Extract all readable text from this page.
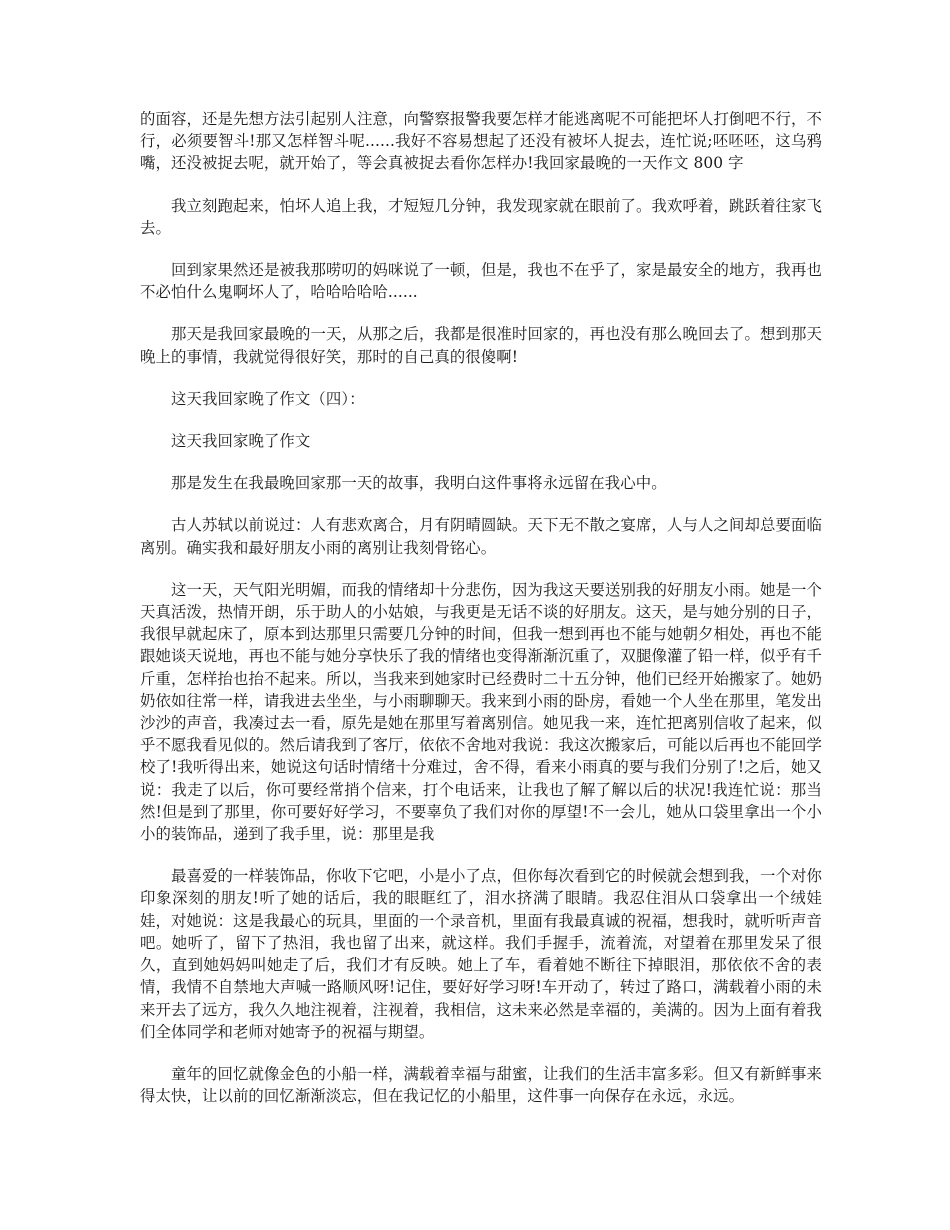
的面容，还是先想方法引起别人注意，向警察报警我要怎样才能逃离呢不可能把坏人打倒吧不行，不行，必须要智斗!那又怎样智斗呢......我好不容易想起了还没有被坏人捉去，连忙说;呸呸呸，这乌鸦嘴，还没被捉去呢，就开始了，等会真被捉去看你怎样办!我回家最晚的一天作文 800 字

我立刻跑起来，怕坏人追上我，才短短几分钟，我发现家就在眼前了。我欢呼着，跳跃着往家飞去。

回到家果然还是被我那唠叨的妈咪说了一顿，但是，我也不在乎了，家是最安全的地方，我再也不必怕什么鬼啊坏人了，哈哈哈哈哈......

那天是我回家最晚的一天，从那之后，我都是很准时回家的，再也没有那么晚回去了。想到那天晚上的事情，我就觉得很好笑，那时的自己真的很傻啊!

这天我回家晚了作文（四）：

这天我回家晚了作文

那是发生在我最晚回家那一天的故事，我明白这件事将永远留在我心中。

古人苏轼以前说过：人有悲欢离合，月有阴晴圆缺。天下无不散之宴席，人与人之间却总要面临离别。确实我和最好朋友小雨的离别让我刻骨铭心。

这一天，天气阳光明媚，而我的情绪却十分悲伤，因为我这天要送别我的好朋友小雨。她是一个天真活泼，热情开朗，乐于助人的小姑娘，与我更是无话不谈的好朋友。这天，是与她分别的日子，我很早就起床了，原本到达那里只需要几分钟的时间，但我一想到再也不能与她朝夕相处，再也不能跟她谈天说地，再也不能与她分享快乐了我的情绪也变得渐渐沉重了，双腿像灌了铅一样，似乎有千斤重，怎样抬也抬不起来。所以，当我来到她家时已经费时二十五分钟，他们已经开始搬家了。她奶奶依如往常一样，请我进去坐坐，与小雨聊聊天。我来到小雨的卧房，看她一个人坐在那里，笔发出沙沙的声音，我凑过去一看，原先是她在那里写着离别信。她见我一来，连忙把离别信收了起来，似乎不愿我看见似的。然后请我到了客厅，依依不舍地对我说：我这次搬家后，可能以后再也不能回学校了!我听得出来，她说这句话时情绪十分难过，舍不得，看来小雨真的要与我们分别了!之后，她又说：我走了以后，你可要经常捎个信来，打个电话来，让我也了解了解以后的状况!我连忙说：那当然!但是到了那里，你可要好好学习，不要辜负了我们对你的厚望!不一会儿，她从口袋里拿出一个小小的装饰品，递到了我手里，说：那里是我

最喜爱的一样装饰品，你收下它吧，小是小了点，但你每次看到它的时候就会想到我，一个对你印象深刻的朋友!听了她的话后，我的眼眶红了，泪水挤满了眼睛。我忍住泪从口袋拿出一个绒娃娃，对她说：这是我最心的玩具，里面的一个录音机，里面有我最真诚的祝福，想我时，就听听声音吧。她听了，留下了热泪，我也留了出来，就这样。我们手握手，流着流，对望着在那里发呆了很久，直到她妈妈叫她走了后，我们才有反映。她上了车，看着她不断往下掉眼泪，那依依不舍的表情，我情不自禁地大声喊一路顺风呀!记住，要好好学习呀!车开动了，转过了路口，满载着小雨的未来开去了远方，我久久地注视着，注视着，我相信，这未来必然是幸福的，美满的。因为上面有着我们全体同学和老师对她寄予的祝福与期望。

童年的回忆就像金色的小船一样，满载着幸福与甜蜜，让我们的生活丰富多彩。但又有新鲜事来得太快，让以前的回忆渐渐淡忘，但在我记忆的小船里，这件事一向保存在永远，永远。
